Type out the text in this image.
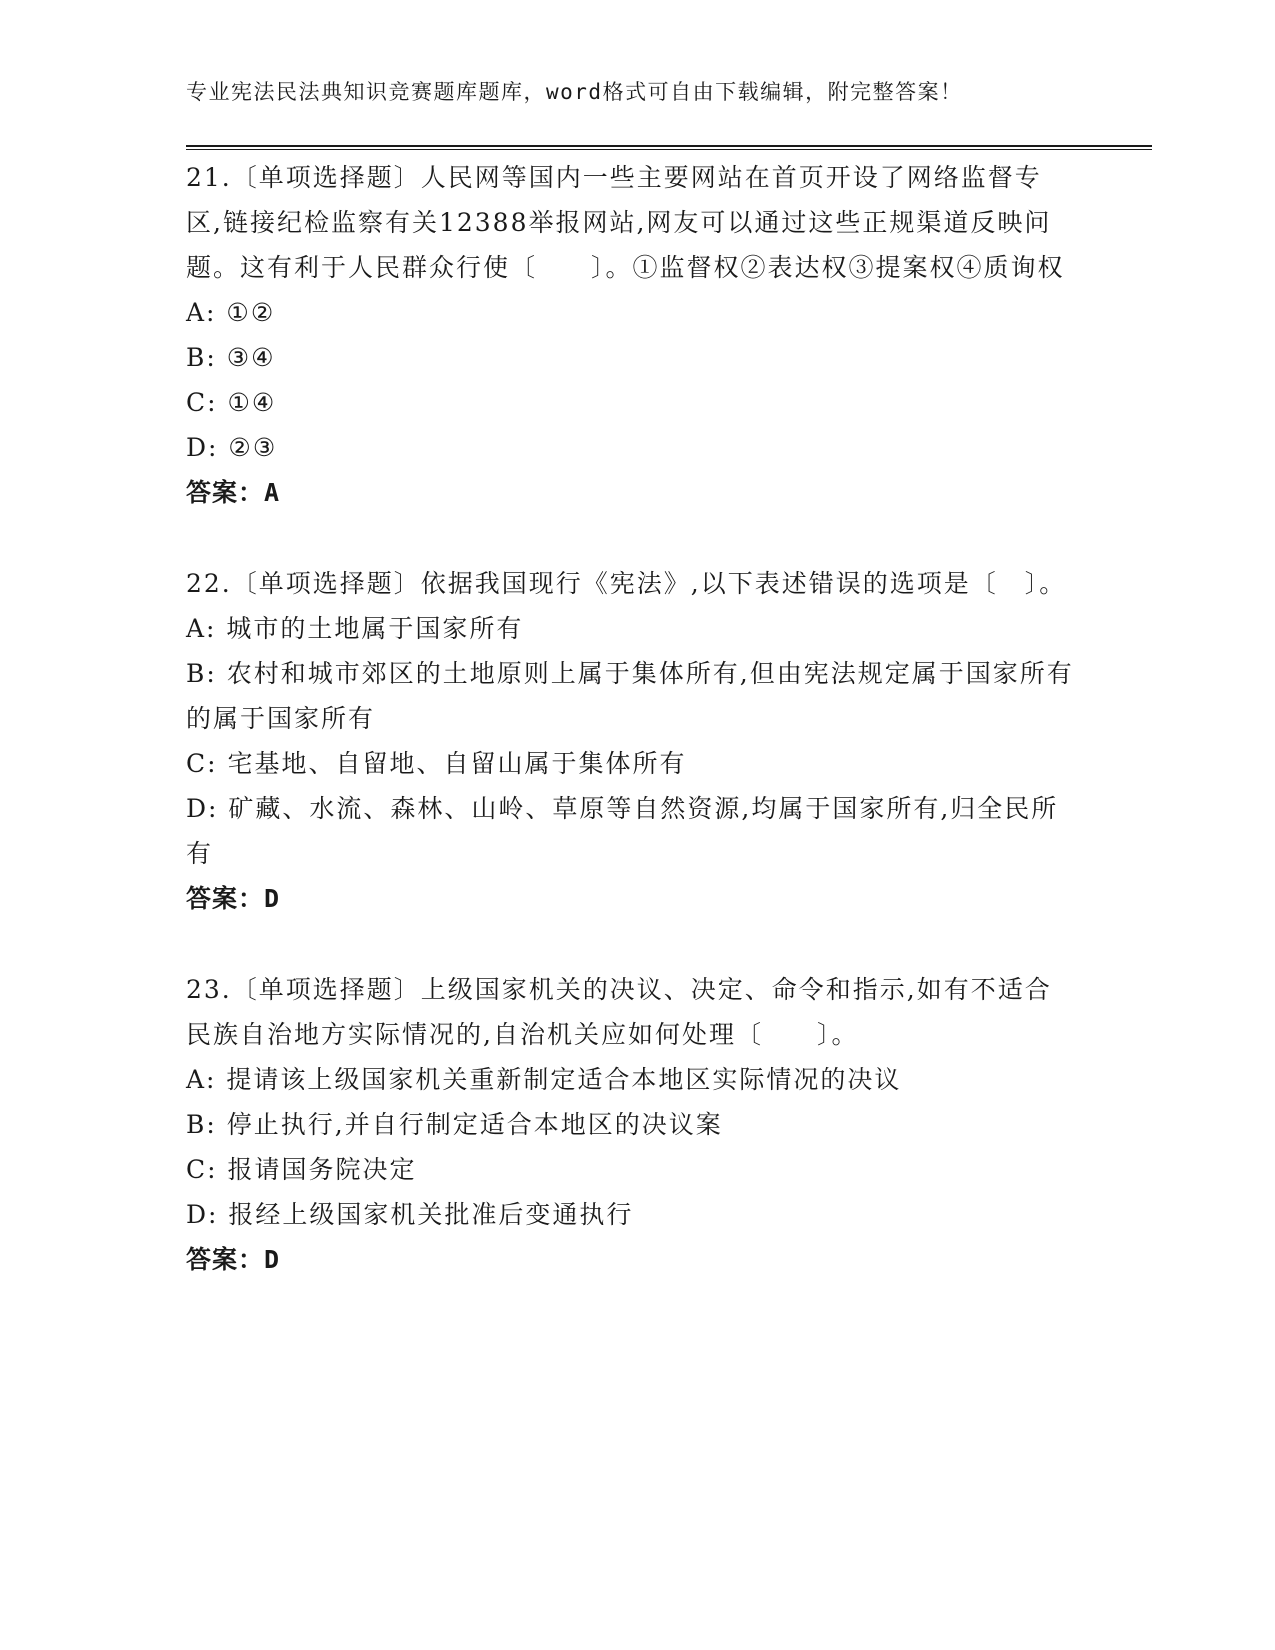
专业宪法民法典知识竞赛题库题库，word格式可自由下载编辑，附完整答案！

21.〔单项选择题〕人民网等国内一些主要网站在首页开设了网络监督专区,链接纪检监察有关12388举报网站,网友可以通过这些正规渠道反映问题。这有利于人民群众行使〔　　〕。①监督权②表达权③提案权④质询权

A: ①②

B: ③④

C: ①④

D: ②③

答案：A

22.〔单项选择题〕依据我国现行《宪法》,以下表述错误的选项是〔　〕。

A: 城市的土地属于国家所有

B: 农村和城市郊区的土地原则上属于集体所有,但由宪法规定属于国家所有的属于国家所有

C: 宅基地、自留地、自留山属于集体所有

D: 矿藏、水流、森林、山岭、草原等自然资源,均属于国家所有,归全民所有

答案：D

23.〔单项选择题〕上级国家机关的决议、决定、命令和指示,如有不适合民族自治地方实际情况的,自治机关应如何处理〔　　〕。

A: 提请该上级国家机关重新制定适合本地区实际情况的决议

B: 停止执行,并自行制定适合本地区的决议案

C: 报请国务院决定

D: 报经上级国家机关批准后变通执行

答案：D
